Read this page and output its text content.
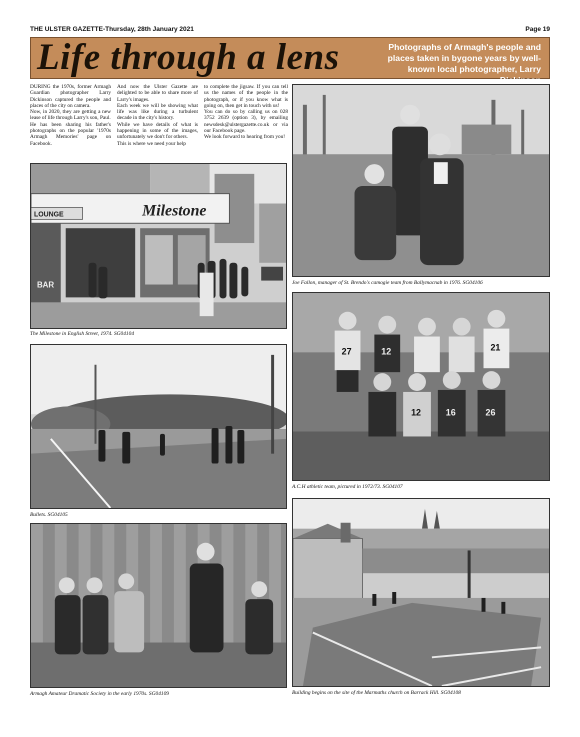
THE ULSTER GAZETTE-Thursday, 28th January 2021	Page 19
Life through a lens	Photographs of Armagh's people and places taken in bygone years by well-known local photographer, Larry Dickinson

DURING the 1970s, former Armagh Guardian photographer Larry Dickinson captured the people and places of the city on camera.

Now, in 2020, they are getting a new lease of life through Larry's son, Paul.

He has been sharing his father's photographs on the popular '1970s Armagh Memories' page on Facebook.

And now the Ulster Gazette are delighted to be able to share more of Larry's images.

Each week we will be showing what life was like during a turbulent decade in the city's history.

While we have details of what is happening in some of the images, unfortunately we don't for others.

This is where we need your help

to complete the jigsaw. If you can tell us the names of the people in the photograph, or if you know what is going on, then get in touch with us!

You can do so by calling us on 028 3752 2639 (option 3), by emailing newsdesk@ulstergazette.co.uk or via our Facebook page.

We look forward to hearing from you!

Milestone
LOUNGE
BAR
The Milestone in English Street, 1974. SG04104
Joe Fallon, manager of St. Brendo's camogie team from Ballymacnab in 1976. SG04106
Bullets. SG04105
27	12	21
12	16	26
A.C.H athletic team, pictured in 1972/73. SG04107
Armagh Amateur Dramatic Society in the early 1970s. SG04109	Building begins on the site of the Marmaths church on Barrack Hill. SG04108
